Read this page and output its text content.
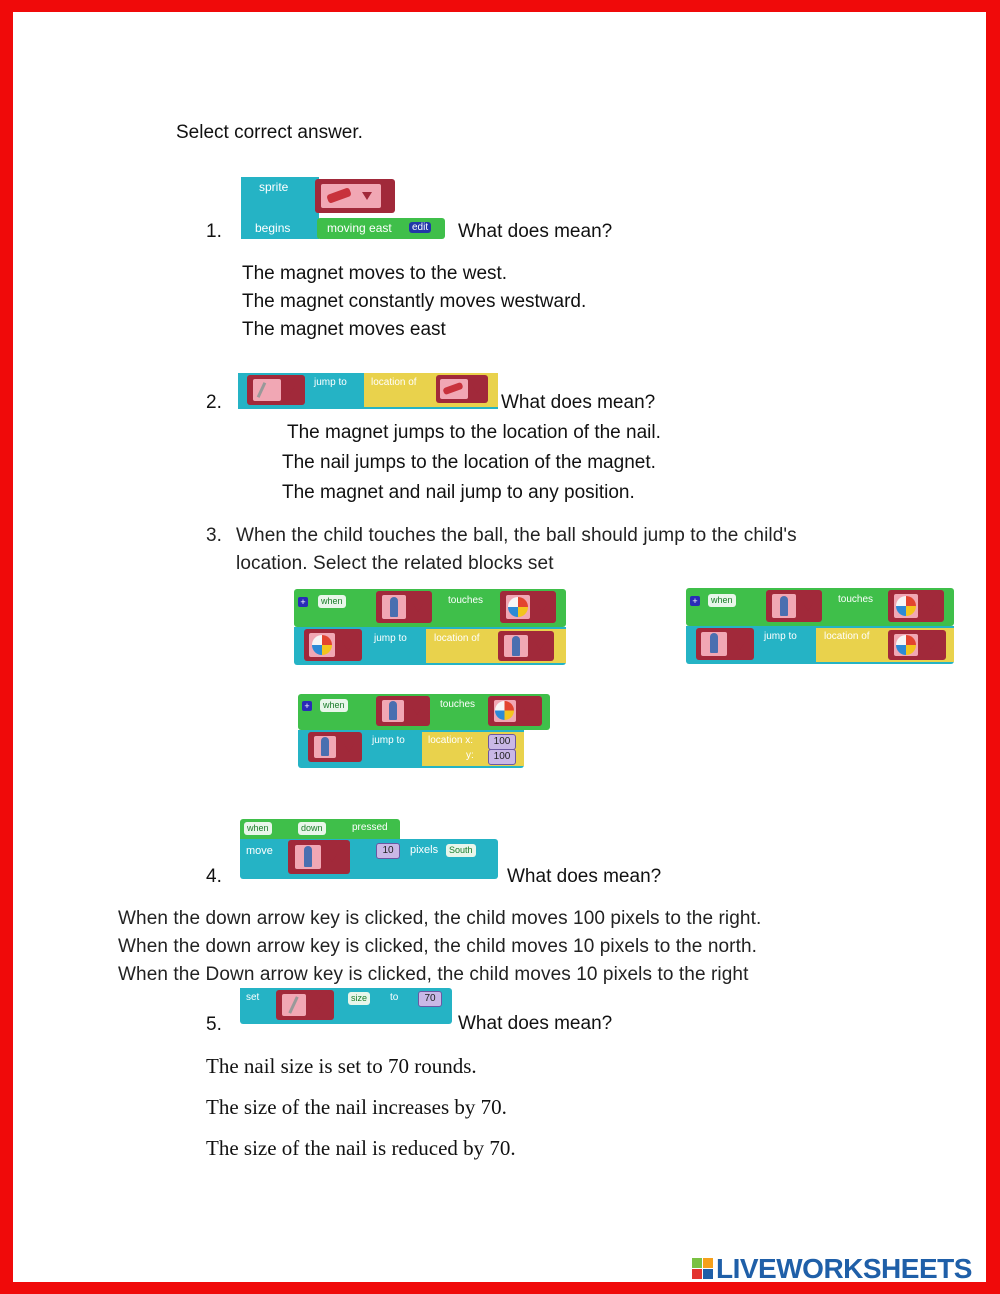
Select correct answer.
1.
sprite
begins	moving east	edit What does mean?
The magnet moves to the west.
The magnet constantly moves westward.
The magnet moves east
2.
jump to location of
What does mean?
The magnet jumps to the location of the nail.
The nail jumps to the location of the magnet.
The magnet and nail jump to any position.
3. When the child touches the ball, the ball should jump to the child's
location. Select the related blocks set
+	when	touches
jump to	location of
+	when	touches
jump to	location of
+	when	touches
jump to location x:
y:
100
100
4.
when	down	pressed
move	10	pixels	South
What does mean?
When the down arrow key is clicked, the child moves 100 pixels to the right.
When the down arrow key is clicked, the child moves 10 pixels to the north.
When the Down arrow key is clicked, the child moves 10 pixels to the right
5.
set	size	to	70
What does mean?
The nail size is set to 70 rounds.
The size of the nail increases by 70.
The size of the nail is reduced by 70.
LIVEWORKSHEETS
